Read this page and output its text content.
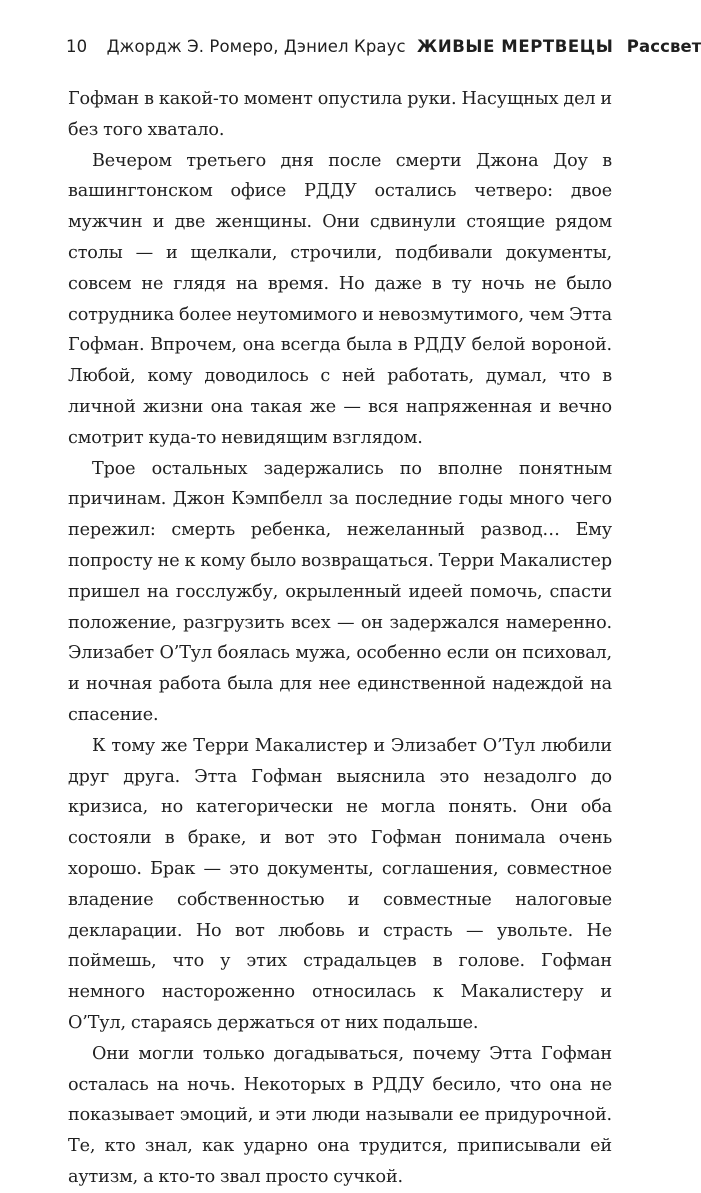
10 Джордж Э. Ромеро, Дэниел Краус ЖИВЫЕ МЕРТВЕЦЫ Рассвет

Гофман в какой-то момент опустила руки. Насущных дел и без того хватало.

Вечером третьего дня после смерти Джона Доу в вашингтонском офисе РДДУ остались четверо: двое мужчин и две женщины. Они сдвинули стоящие рядом столы — и щелкали, строчили, подбивали документы, совсем не глядя на время. Но даже в ту ночь не было сотрудника более неутомимого и невозмутимого, чем Этта Гофман. Впрочем, она всегда была в РДДУ белой вороной. Любой, кому доводилось с ней работать, думал, что в личной жизни она такая же — вся напряженная и вечно смотрит куда-то невидящим взглядом.

Трое остальных задержались по вполне понятным причинам. Джон Кэмпбелл за последние годы много чего пережил: смерть ребенка, нежеланный развод… Ему попросту не к кому было возвращаться. Терри Макалистер пришел на госслужбу, окрыленный идеей помочь, спасти положение, разгрузить всех — он задержался намеренно. Элизабет О’Тул боялась мужа, особенно если он психовал, и ночная работа была для нее единственной надеждой на спасение.

К тому же Терри Макалистер и Элизабет О’Тул любили друг друга. Этта Гофман выяснила это незадолго до кризиса, но категорически не могла понять. Они оба состояли в браке, и вот это Гофман понимала очень хорошо. Брак — это документы, соглашения, совместное владение собственностью и совместные налоговые декларации. Но вот любовь и страсть — увольте. Не поймешь, что у этих страдальцев в голове. Гофман немного настороженно относилась к Макалистеру и О’Тул, стараясь держаться от них подальше.

Они могли только догадываться, почему Этта Гофман осталась на ночь. Некоторых в РДДУ бесило, что она не показывает эмоций, и эти люди называли ее придурочной. Те, кто знал, как ударно она трудится, приписывали ей аутизм, а кто-то звал просто сучкой.
